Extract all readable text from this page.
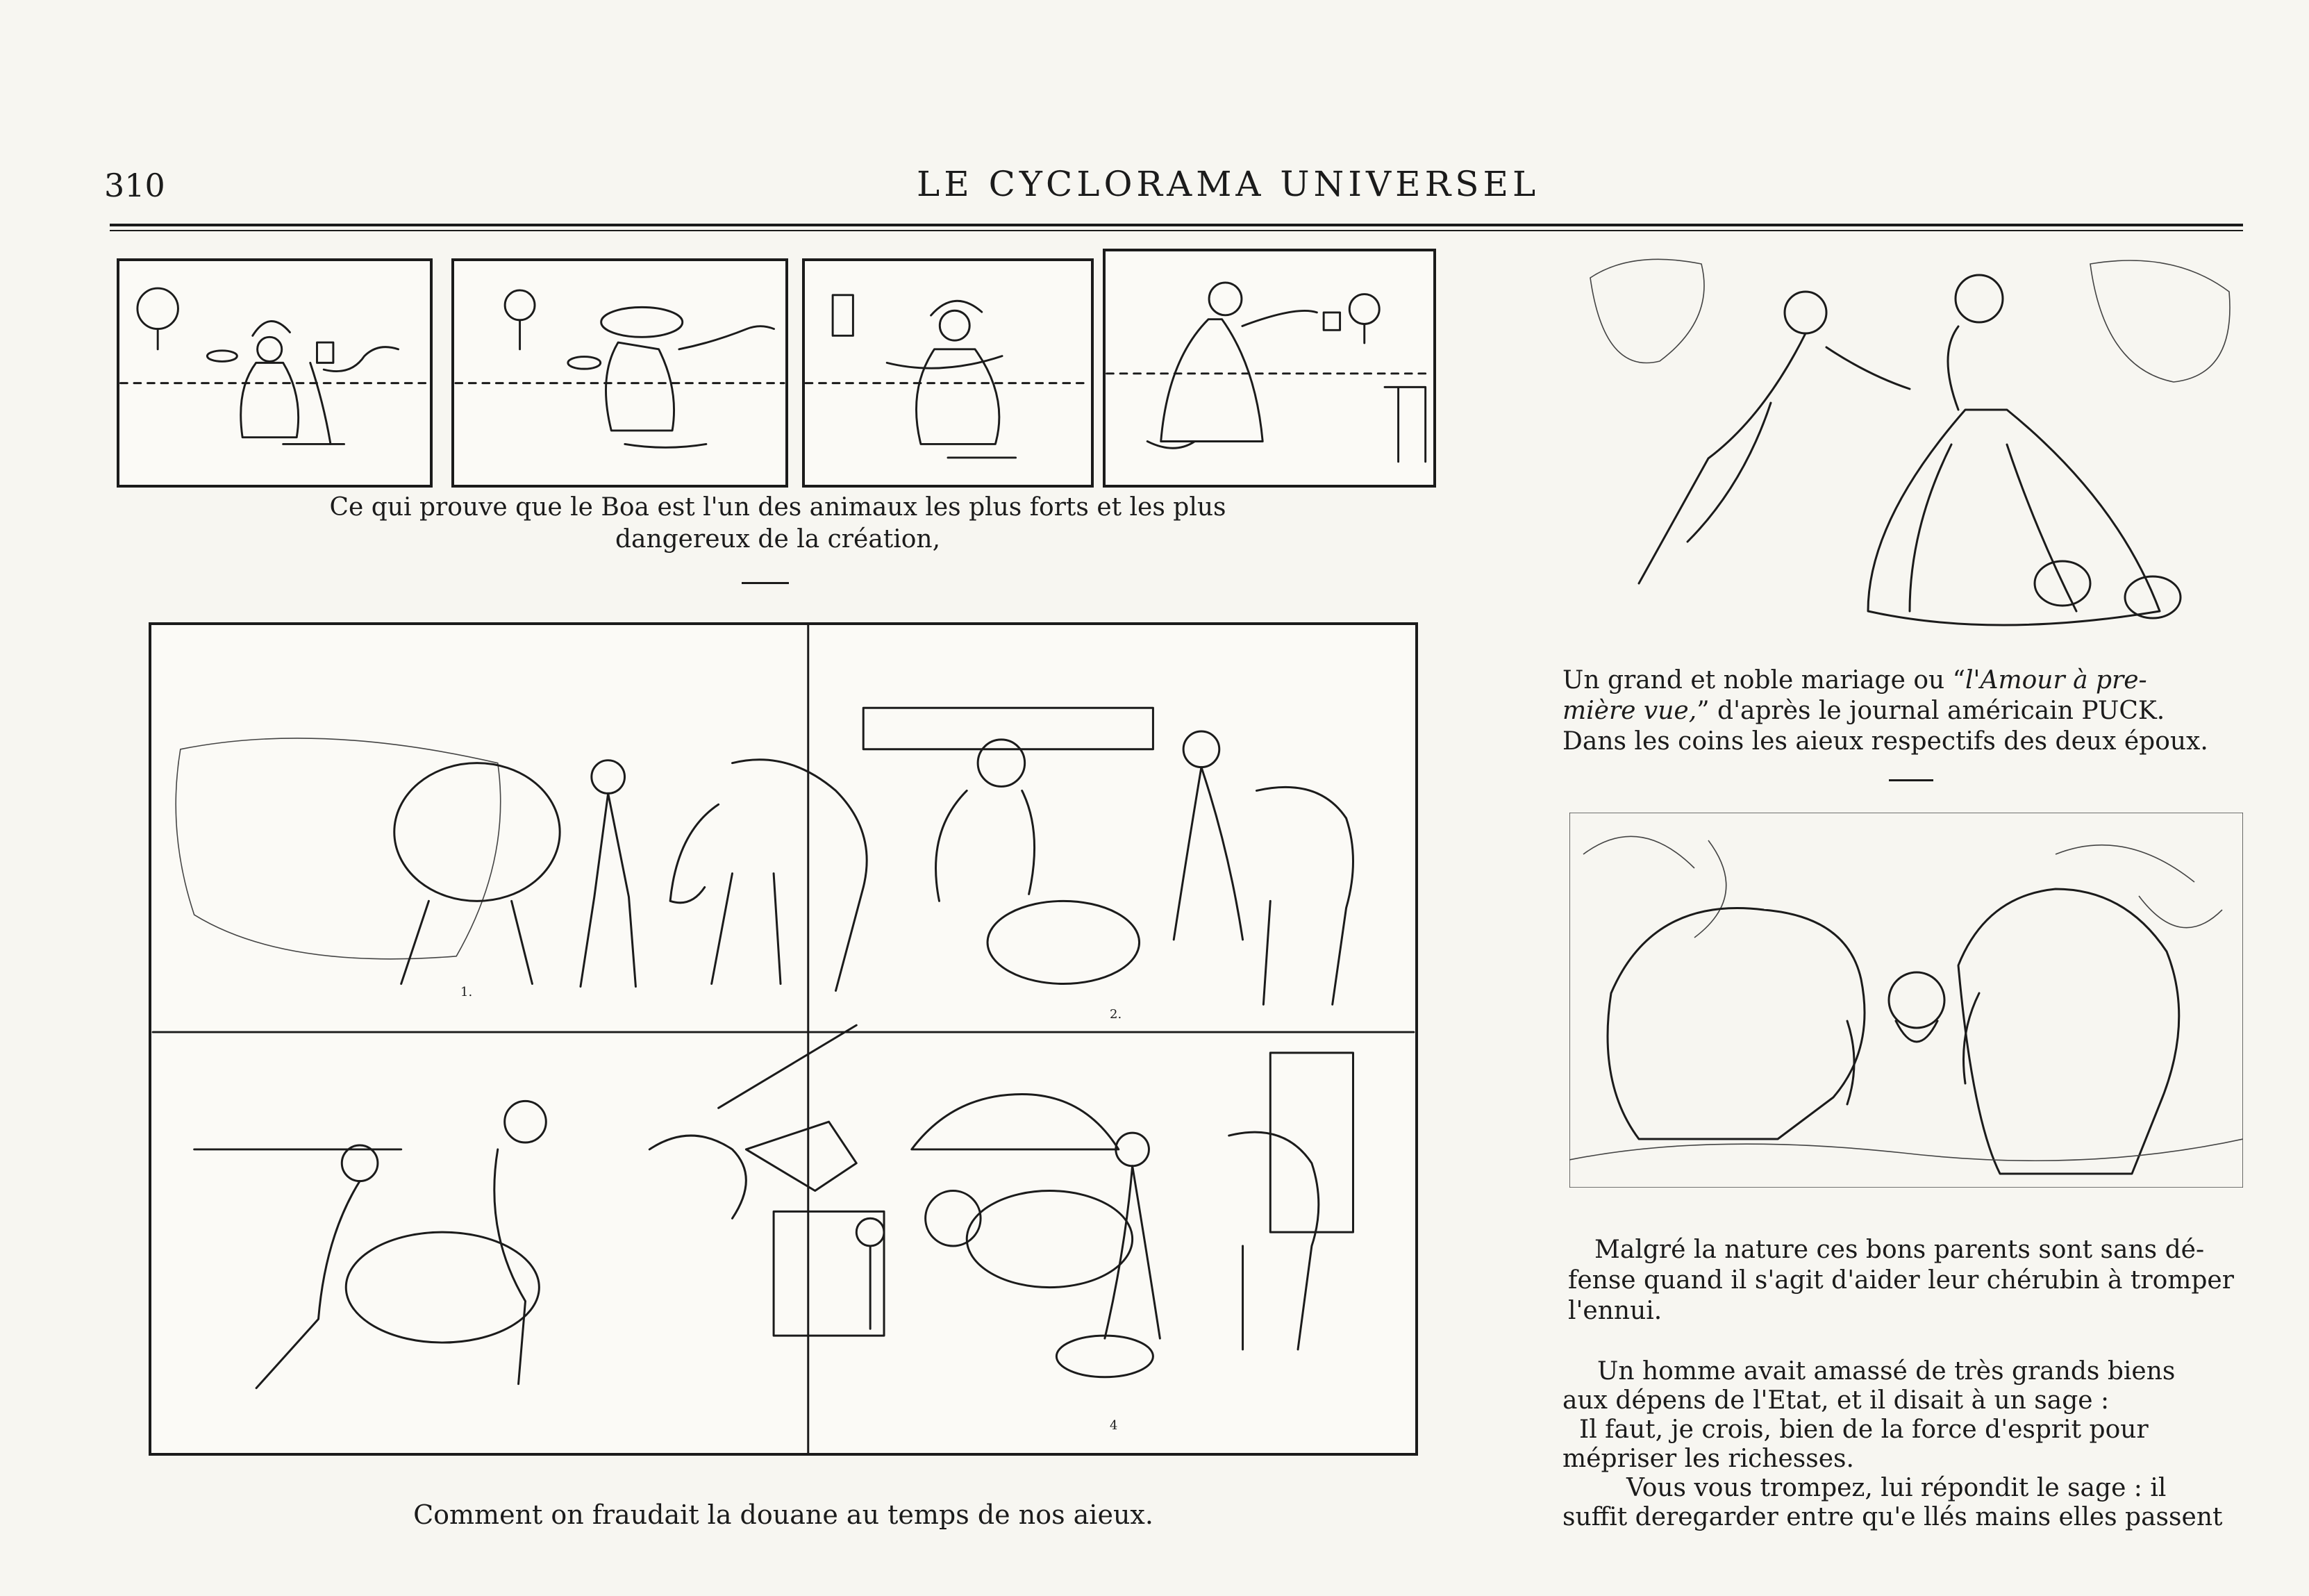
310	LE CYCLORAMA UNIVERSEL
Ce qui prouve que le Boa est l'un des animaux les plus forts et les plus
dangereux de la création,
1.
2.
4
Comment on fraudait la douane au temps de nos aieux.
Un grand et noble mariage ou “l'Amour à pre-
mière vue,” d'après le journal américain PUCK.
Dans les coins les aieux respectifs des deux époux.
Malgré la nature ces bons parents sont sans dé-
fense quand il s'agit d'aider leur chérubin à tromper
l'ennui.
Un homme avait amassé de très grands biens
aux dépens de l'Etat, et il disait à un sage :
Il faut, je crois, bien de la force d'esprit pour
mépriser les richesses.
Vous vous trompez, lui répondit le sage : il
suffit deregarder entre qu'e llés mains elles passent
